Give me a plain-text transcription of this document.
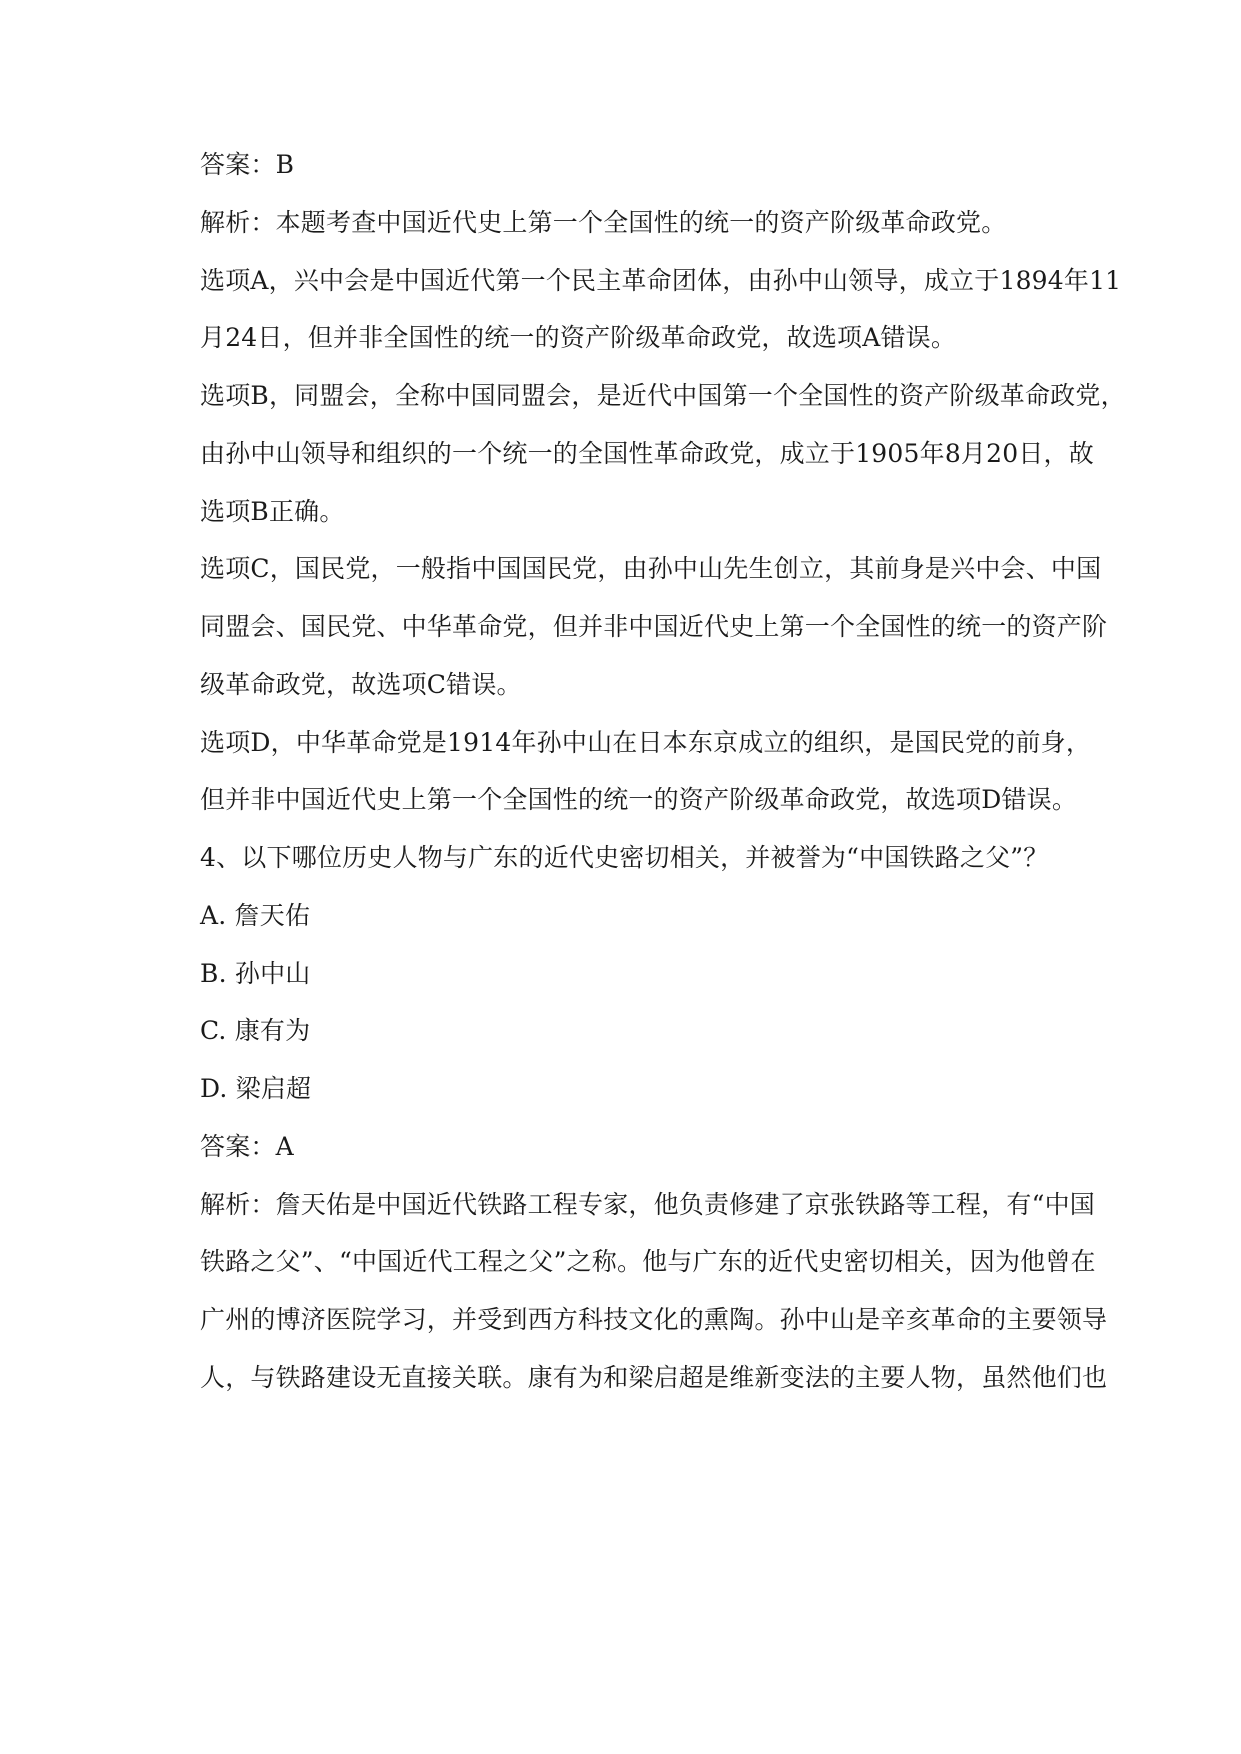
答案：B
解析：本题考查中国近代史上第一个全国性的统一的资产阶级革命政党。
选项A，兴中会是中国近代第一个民主革命团体，由孙中山领导，成立于1894年11
月24日，但并非全国性的统一的资产阶级革命政党，故选项A错误。
选项B，同盟会，全称中国同盟会，是近代中国第一个全国性的资产阶级革命政党，
由孙中山领导和组织的一个统一的全国性革命政党，成立于1905年8月20日，故
选项B正确。
选项C，国民党，一般指中国国民党，由孙中山先生创立，其前身是兴中会、中国
同盟会、国民党、中华革命党，但并非中国近代史上第一个全国性的统一的资产阶
级革命政党，故选项C错误。
选项D，中华革命党是1914年孙中山在日本东京成立的组织，是国民党的前身，
但并非中国近代史上第一个全国性的统一的资产阶级革命政党，故选项D错误。
4、以下哪位历史人物与广东的近代史密切相关，并被誉为“中国铁路之父”？
A. 詹天佑
B. 孙中山
C. 康有为
D. 梁启超
答案：A
解析：詹天佑是中国近代铁路工程专家，他负责修建了京张铁路等工程，有“中国
铁路之父”、“中国近代工程之父”之称。他与广东的近代史密切相关，因为他曾在
广州的博济医院学习，并受到西方科技文化的熏陶。孙中山是辛亥革命的主要领导
人，与铁路建设无直接关联。康有为和梁启超是维新变法的主要人物，虽然他们也
